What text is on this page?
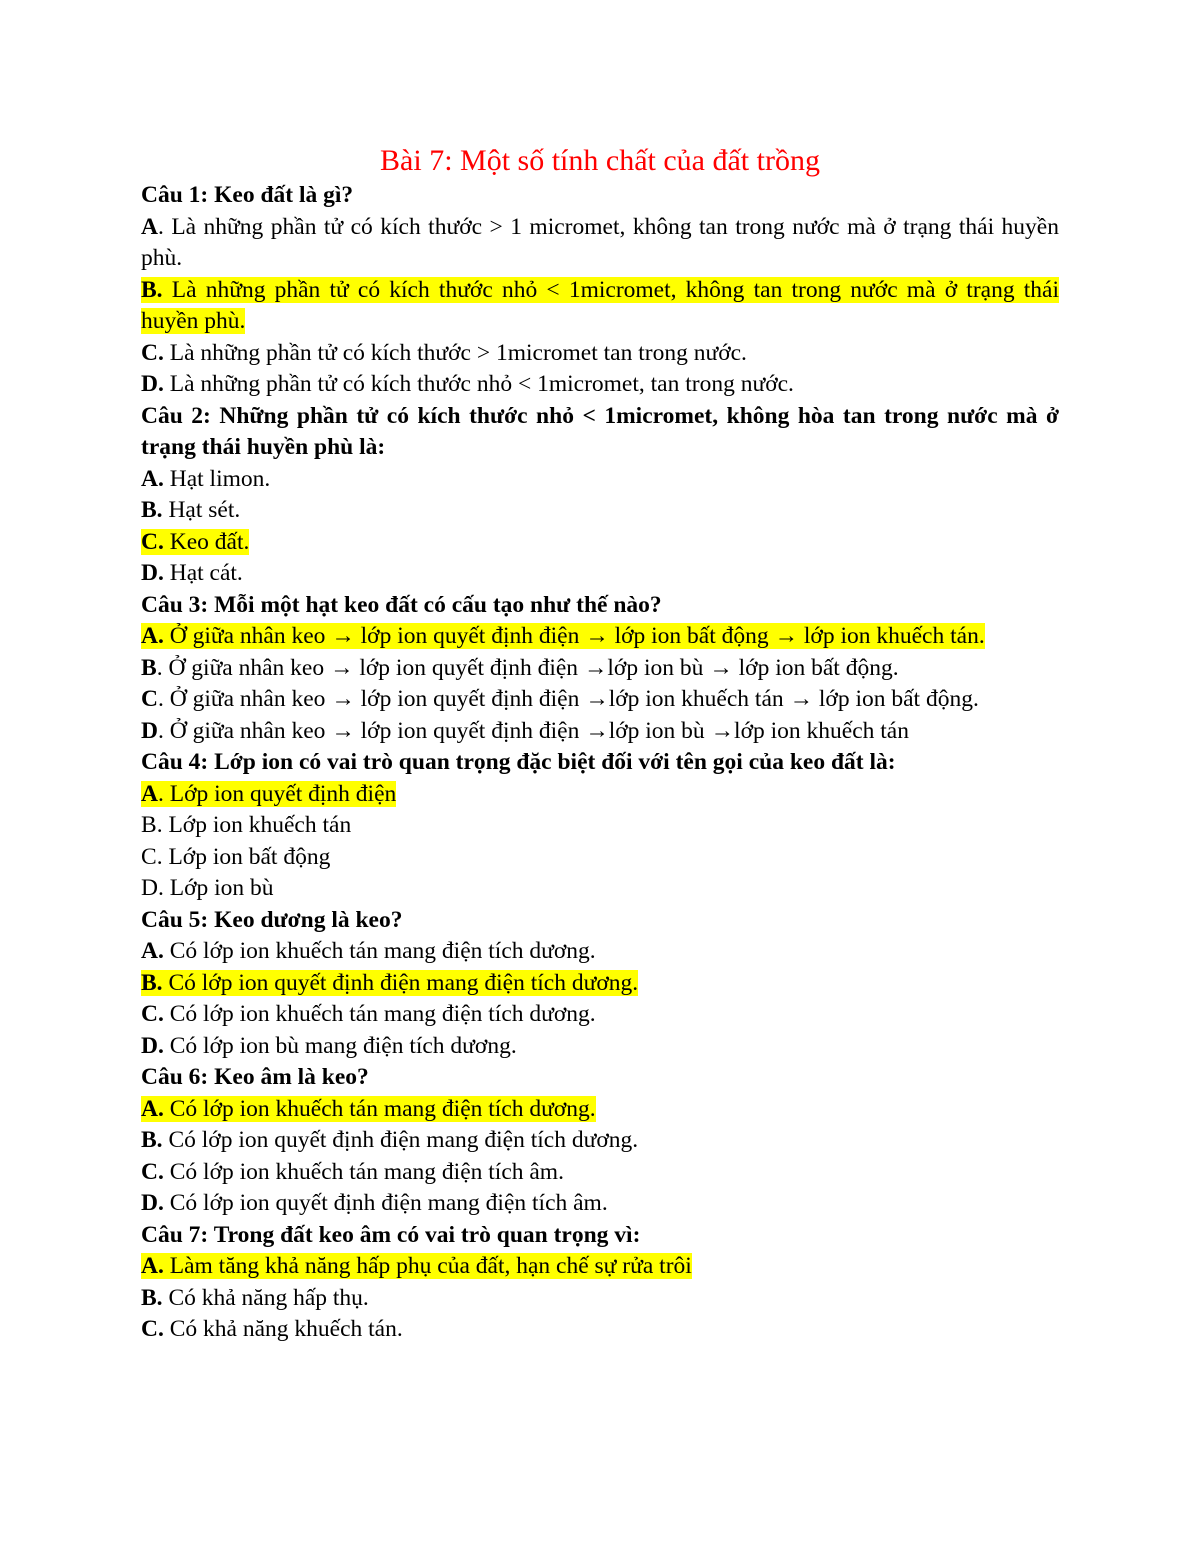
Bài 7: Một số tính chất của đất trồng
Câu 1: Keo đất là gì?
A. Là những phần tử có kích thước > 1 micromet, không tan trong nước mà ở trạng thái huyền phù.
B. Là những phần tử có kích thước nhỏ < 1micromet, không tan trong nước mà ở trạng thái huyền phù.
C. Là những phần tử có kích thước > 1micromet tan trong nước.
D. Là những phần tử có kích thước nhỏ < 1micromet, tan trong nước.
Câu 2: Những phần tử có kích thước nhỏ < 1micromet, không hòa tan trong nước mà ở trạng thái huyền phù là:
A. Hạt limon.
B. Hạt sét.
C. Keo đất.
D. Hạt cát.
Câu 3: Mỗi một hạt keo đất có cấu tạo như thế nào?
A. Ở giữa nhân keo → lớp ion quyết định điện → lớp ion bất động → lớp ion khuếch tán.
B. Ở giữa nhân keo → lớp ion quyết định điện →lớp ion bù → lớp ion bất động.
C. Ở giữa nhân keo → lớp ion quyết định điện →lớp ion khuếch tán → lớp ion bất động.
D. Ở giữa nhân keo → lớp ion quyết định điện →lớp ion bù →lớp ion khuếch tán
Câu 4: Lớp ion có vai trò quan trọng đặc biệt đối với tên gọi của keo đất là:
A. Lớp ion quyết định điện
B. Lớp ion khuếch tán
C. Lớp ion bất động
D. Lớp ion bù
Câu 5: Keo dương là keo?
A. Có lớp ion khuếch tán mang điện tích dương.
B. Có lớp ion quyết định điện mang điện tích dương.
C. Có lớp ion khuếch tán mang điện tích dương.
D. Có lớp ion bù mang điện tích dương.
Câu 6: Keo âm là keo?
A. Có lớp ion khuếch tán mang điện tích dương.
B. Có lớp ion quyết định điện mang điện tích dương.
C. Có lớp ion khuếch tán mang điện tích âm.
D. Có lớp ion quyết định điện mang điện tích âm.
Câu 7: Trong đất keo âm có vai trò quan trọng vì:
A. Làm tăng khả năng hấp phụ của đất, hạn chế sự rửa trôi
B. Có khả năng hấp thụ.
C. Có khả năng khuếch tán.
